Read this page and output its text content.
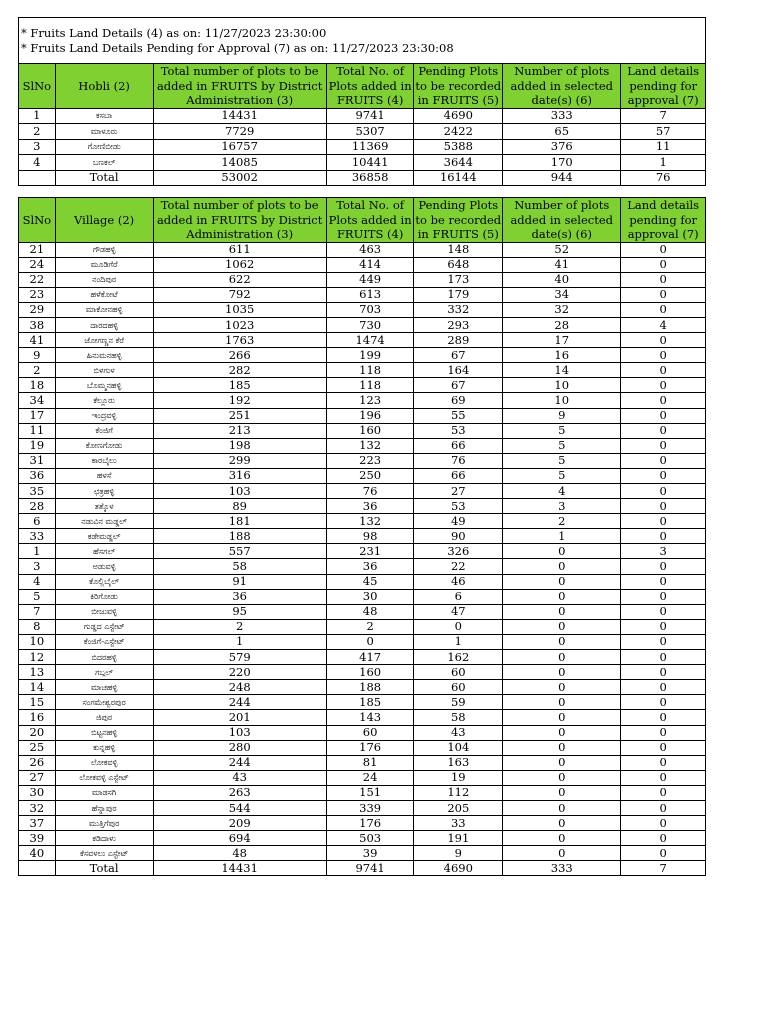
* Fruits Land Details (4) as on: 11/27/2023 23:30:00
* Fruits Land Details Pending for Approval (7) as on: 11/27/2023 23:30:08
SlNo	Hobli (2)	Total number of plots to be added in FRUITS by District Administration (3)	Total No. of Plots added in FRUITS (4)	Pending Plots to be recorded in FRUITS (5)	Number of plots added in selected date(s) (6)	Land details pending for approval (7)
1	ಕಸಬಾ	14431	9741	4690	333	7
2	ಮಾಳೂರು	7729	5307	2422	65	57
3	ಗೋಣಿಬೀಡು	16757	11369	5388	376	11
4	ಬಣಕಲ್	14085	10441	3644	170	1
	Total	53002	36858	16144	944	76
SlNo	Village (2)	Total number of plots to be added in FRUITS by District Administration (3)	Total No. of Plots added in FRUITS (4)	Pending Plots to be recorded in FRUITS (5)	Number of plots added in selected date(s) (6)	Land details pending for approval (7)
21	ಗೌಡಹಳ್ಳಿ	611	463	148	52	0
24	ಮೂಡಿಗೆರೆ	1062	414	648	41	0
22	ನಂದಿಪುರ	622	449	173	40	0
23	ಹಳೆಕೋಟೆ	792	613	179	34	0
29	ಮಾಕೋನಹಳ್ಳಿ	1035	703	332	32	0
38	ದಾರದಹಳ್ಳಿ	1023	730	293	28	4
41	ಜೋಗಣ್ಣನ ಕೆರೆ	1763	1474	289	17	0
9	ಹಿನುಮನಹಳ್ಳಿ	266	199	67	16	0
2	ಬಿಳಗುಳ	282	118	164	14	0
18	ಬೊಮ್ಮನಹಳ್ಳಿ	185	118	67	10	0
34	ಕೆಲ್ಲೂರು	192	123	69	10	0
17	ಇಂದ್ರವಳ್ಳಿ	251	196	55	9	0
11	ಕೆಂಜಿಗೆ	213	160	53	5	0
19	ಕೋಣಗೋಡು	198	132	66	5	0
31	ಕಾರಬೈಲು	299	223	76	5	0
36	ಹಳಸೆ	316	250	66	5	0
35	ಛತ್ರಹಳ್ಳಿ	103	76	27	4	0
28	ತತ್ಕೊಳ	89	36	53	3	0
6	ನಡುವಿನ ಮಡ್ಡಲ್	181	132	49	2	0
33	ಕಡೇಮಡ್ಡಲ್	188	98	90	1	0
1	ಹೆಸಗಲ್	557	231	326	0	3
3	ಅಡುವಳ್ಳಿ	58	36	22	0	0
4	ಕೊಲ್ಲಿಬೈಲ್	91	45	46	0	0
5	ಕಿರಿಗೋಡು	36	30	6	0	0
7	ಬೀಜುವಳ್ಳಿ	95	48	47	0	0
8	ಗುಡ್ಡದ ಎಸ್ಟೇಟ್	2	2	0	0	0
10	ಕೆಂಜಿಗೆ-ಎಸ್ಟೇಟ್	1	0	1	0	0
12	ಬಿದರಹಳ್ಳಿ	579	417	162	0	0
13	ಗಬ್ಗಲ್	220	160	60	0	0
14	ಮಾಚಹಳ್ಳಿ	248	188	60	0	0
15	ಸಂಗಮೇಶ್ವರಪುರ	244	185	59	0	0
16	ಜಿಪುರ	201	143	58	0	0
20	ಬಿಟ್ಟನಹಳ್ಳಿ	103	60	43	0	0
25	ಕುನ್ನಹಳ್ಳಿ	280	176	104	0	0
26	ಲೋಕವಳ್ಳಿ	244	81	163	0	0
27	ಲೋಕವಳ್ಳಿ ಎಸ್ಟೇಟ್	43	24	19	0	0
30	ಮಾಡಸಗಿ	263	151	112	0	0
32	ಹೆನ್ನಾಪುರ	544	339	205	0	0
37	ಮುತ್ತಿಗೆಪುರ	209	176	33	0	0
39	ಕಡಿದಾಳು	694	503	191	0	0
40	ಕೆಸವಳಲು ಎಸ್ಟೇಟ್	48	39	9	0	0
	Total	14431	9741	4690	333	7
